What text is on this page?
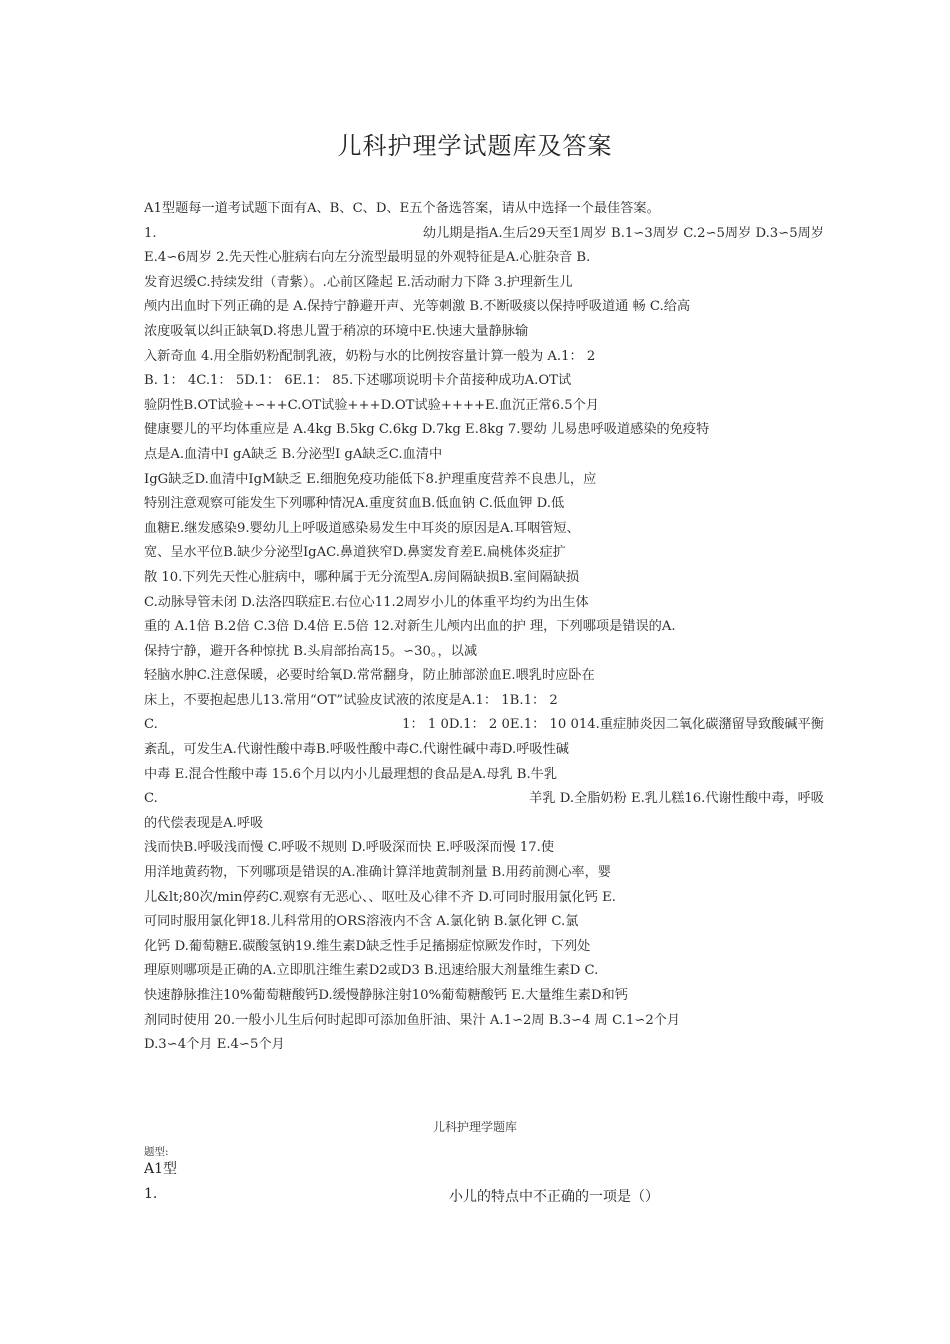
儿科护理学试题库及答案
A1型题每一道考试题下面有A、B、C、D、E五个备选答案，请从中选择一个最佳答案。
1.	幼儿期是指A.生后29天至1周岁 B.1∽3周岁 C.2∽5周岁 D.3∽5周岁
E.4∽6周岁 2.先天性心脏病右向左分流型最明显的外观特征是A.心脏杂音 B.
发育迟缓C.持续发绀（青紫）。.心前区隆起 E.活动耐力下降 3.护理新生儿
颅内出血时下列正确的是 A.保持宁静避开声、光等刺激 B.不断吸痰以保持呼吸道通 畅 C.给高
浓度吸氧以纠正缺氧D.将患儿置于稍凉的环境中E.快速大量静脉输
入新奇血 4.用全脂奶粉配制乳液，奶粉与水的比例按容量计算一般为 A.1： 2
B. 1： 4C.1： 5D.1： 6E.1： 85.下述哪项说明卡介苗接种成功A.OT试
验阴性B.OT试验+∽++C.OT试验+++D.OT试验++++E.血沉正常6.5个月
健康婴儿的平均体重应是 A.4kg B.5kg C.6kg D.7kg E.8kg 7.婴幼 儿易患呼吸道感染的免疫特
点是A.血清中I gA缺乏 B.分泌型I gA缺乏C.血清中
IgG缺乏D.血清中IgM缺乏 E.细胞免疫功能低下8.护理重度营养不良患儿，应
特别注意观察可能发生下列哪种情况A.重度贫血B.低血钠 C.低血钾 D.低
血糖E.继发感染9.婴幼儿上呼吸道感染易发生中耳炎的原因是A.耳咽管短、
宽、呈水平位B.缺少分泌型IgAC.鼻道狭窄D.鼻窦发育差E.扁桃体炎症扩
散 10.下列先天性心脏病中，哪种属于无分流型A.房间隔缺损B.室间隔缺损
C.动脉导管未闭 D.法洛四联症E.右位心11.2周岁小儿的体重平均约为出生体
重的 A.1倍 B.2倍 C.3倍 D.4倍 E.5倍 12.对新生儿颅内出血的护 理，下列哪项是错误的A.
保持宁静，避开各种惊扰 B.头肩部抬高15。∽30。，以减
轻脑水肿C.注意保暖，必要时给氧D.常常翻身，防止肺部淤血E.喂乳时应卧在
床上，不要抱起患儿13.常用“OT”试验皮试液的浓度是A.1： 1B.1： 2
C.	1： 1 0D.1： 2 0E.1： 10 014.重症肺炎因二氧化碳潴留导致酸碱平衡
紊乱，可发生A.代谢性酸中毒B.呼吸性酸中毒C.代谢性碱中毒D.呼吸性碱
中毒 E.混合性酸中毒 15.6个月以内小儿最理想的食品是A.母乳 B.牛乳
C.	羊乳 D.全脂奶粉 E.乳儿糕16.代谢性酸中毒，呼吸
的代偿表现是A.呼吸
浅而快B.呼吸浅而慢 C.呼吸不规则 D.呼吸深而快 E.呼吸深而慢 17.使
用洋地黄药物，下列哪项是错误的A.准确计算洋地黄制剂量 B.用药前测心率，婴
儿&lt;80次/min停药C.观察有无恶心、、呕吐及心律不齐 D.可同时服用氯化钙 E.
可同时服用氯化钾18.儿科常用的ORS溶液内不含 A.氯化钠 B.氯化钾 C.氯
化钙 D.葡萄糖E.碳酸氢钠19.维生素D缺乏性手足搐搦症惊厥发作时，下列处
理原则哪项是正确的A.立即肌注维生素D2或D3 B.迅速给服大剂量维生素D C.
快速静脉推注10%葡萄糖酸钙D.缓慢静脉注射10%葡萄糖酸钙 E.大量维生素D和钙
剂同时使用 20.一般小儿生后何时起即可添加鱼肝油、果汁 A.1∽2周 B.3∽4 周 C.1∽2个月
D.3∽4个月 E.4∽5个月
儿科护理学题库
题型:
A1型
1.	小儿的特点中不正确的一项是（）
